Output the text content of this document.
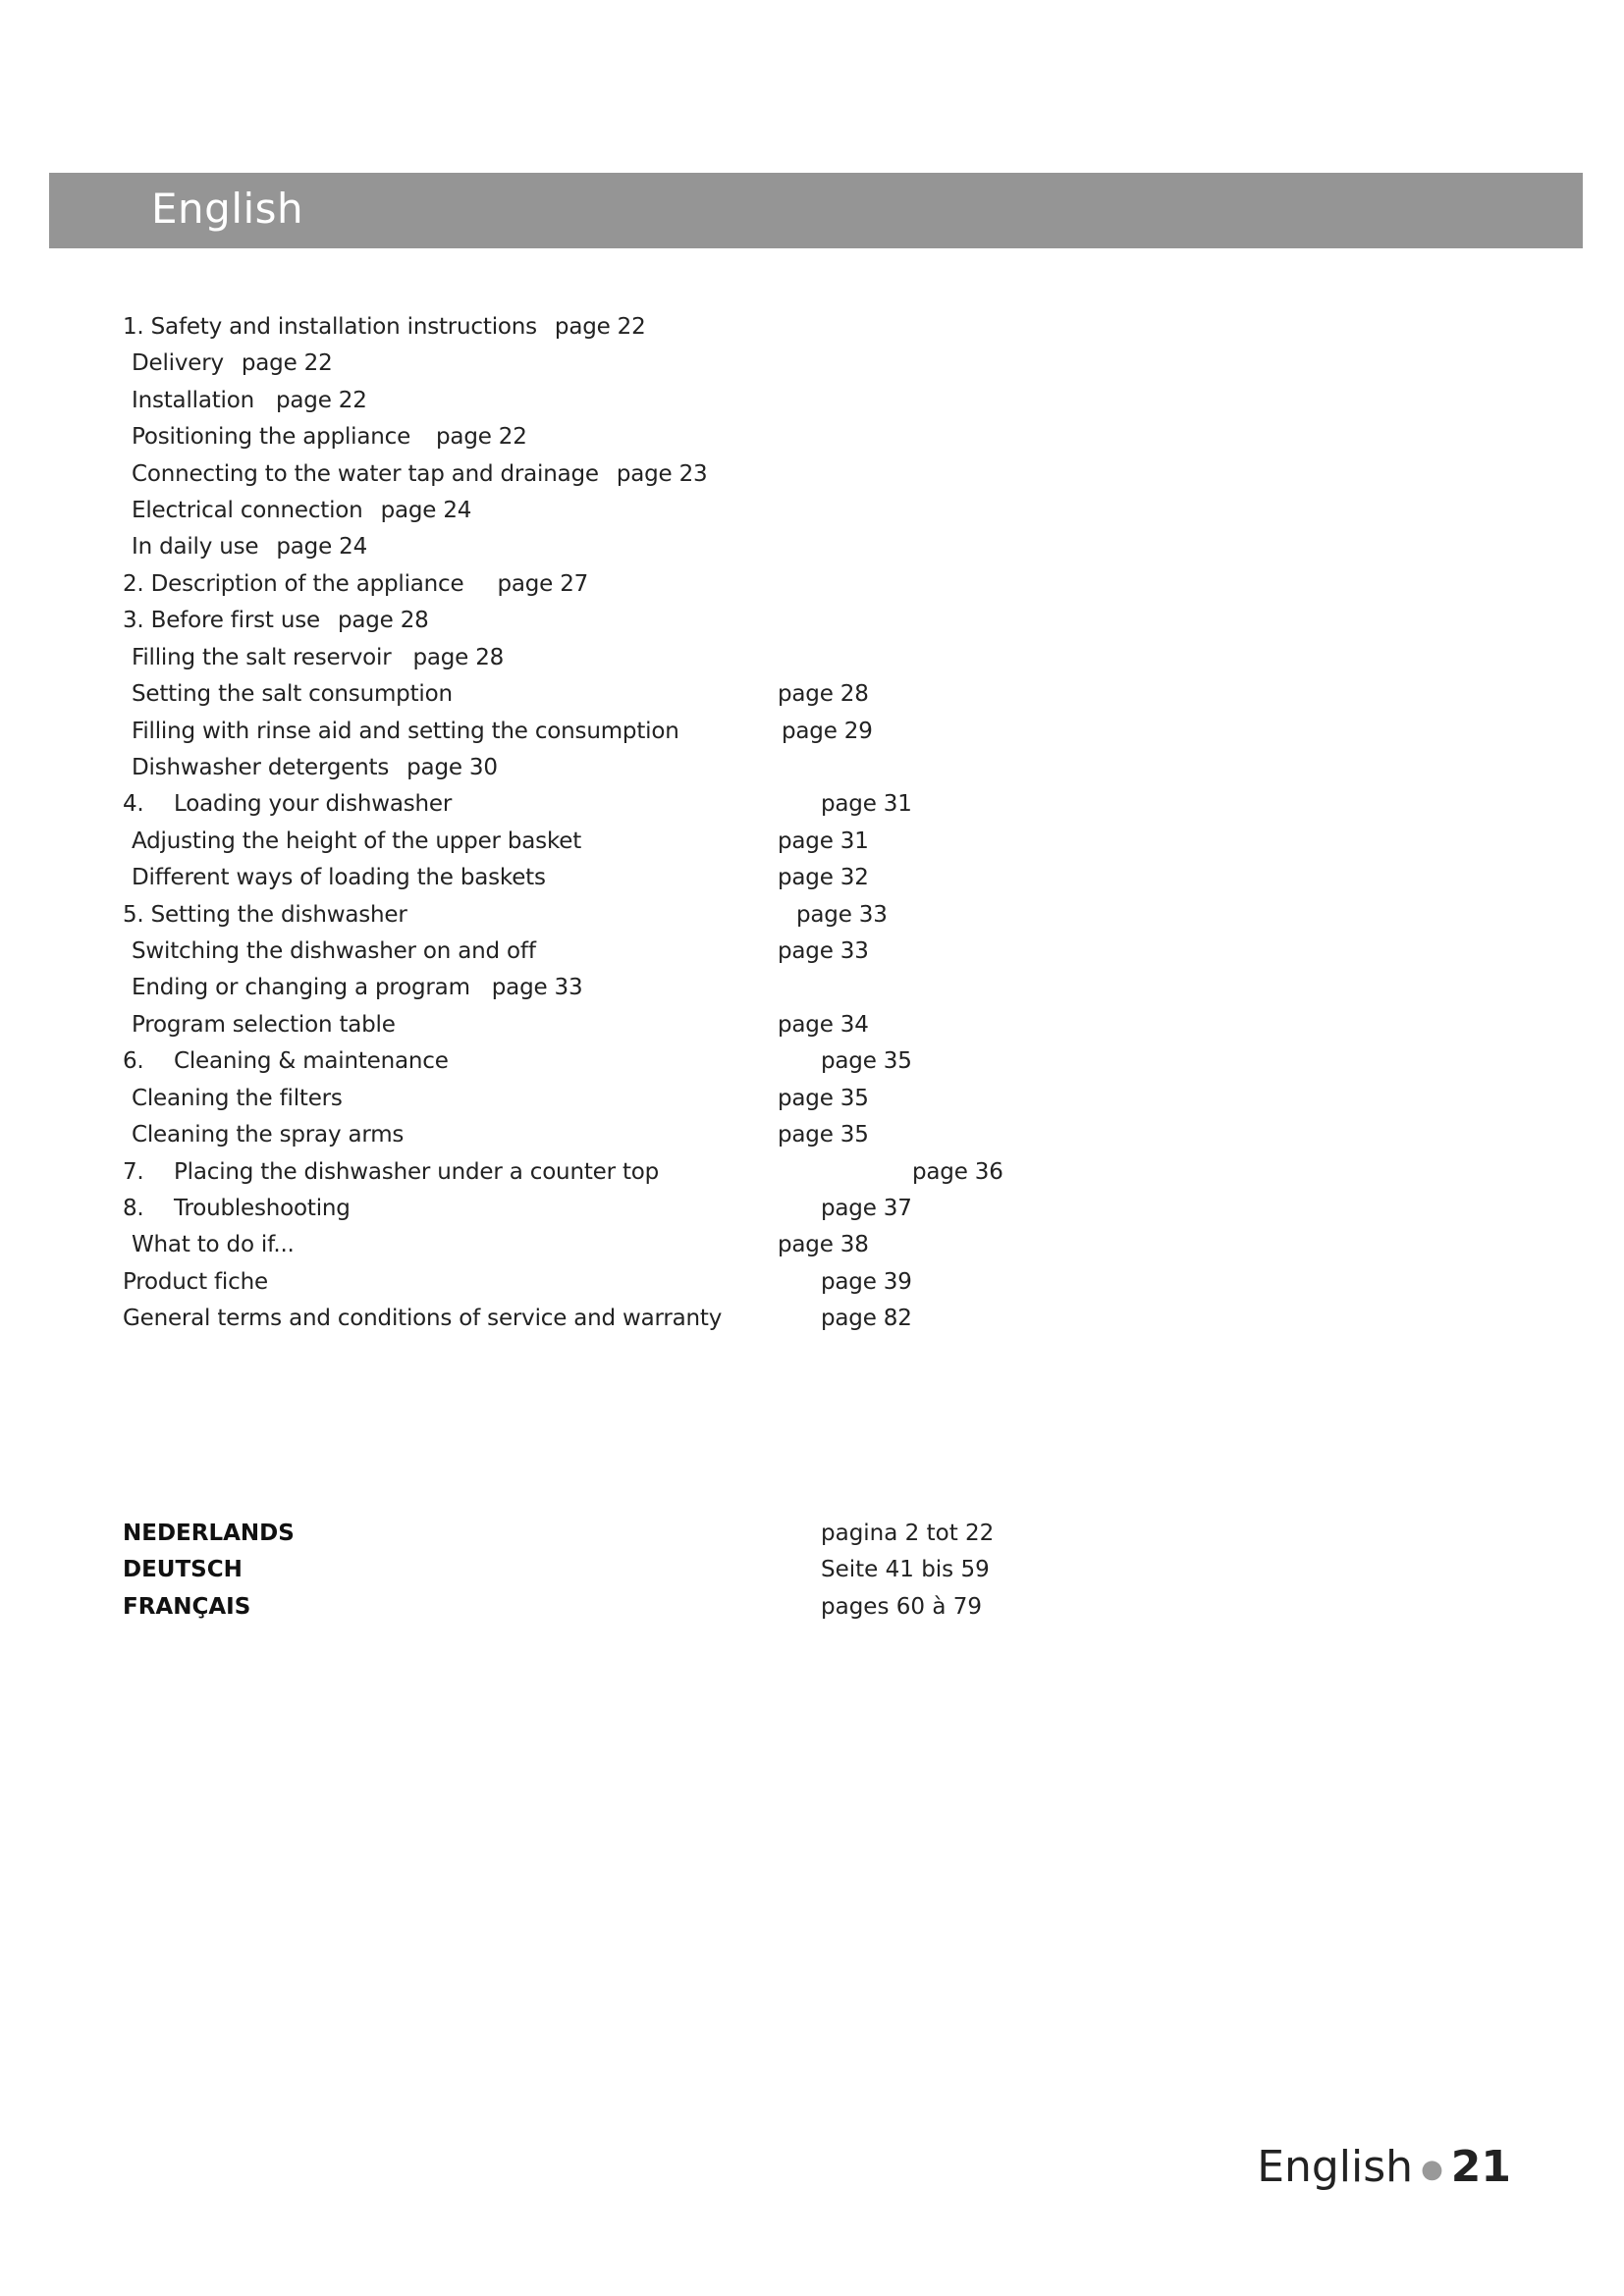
English
1. Safety and installation instructions page 22
Delivery page 22
Installation page 22
Positioning the appliance page 22
Connecting to the water tap and drainage page 23
Electrical connection page 24
In daily use page 24
2. Description of the appliance page 27
3. Before first use page 28
Filling the salt reservoir page 28
Setting the salt consumption	page 28
Filling with rinse aid and setting the consumption	page 29
Dishwasher detergents page 30
4. Loading your dishwasher	page 31
Adjusting the height of the upper basket	page 31
Different ways of loading the baskets	page 32
5. Setting the dishwasher	page 33
Switching the dishwasher on and off	page 33
Ending or changing a program page 33
Program selection table	page 34
6. Cleaning & maintenance	page 35
Cleaning the filters	page 35
Cleaning the spray arms	page 35
7. Placing the dishwasher under a counter top	page 36
8. Troubleshooting	page 37
What to do if...	page 38
Product fiche	page 39
General terms and conditions of service and warranty	page 82
NEDERLANDS	pagina 2 tot 22
DEUTSCH	Seite 41 bis 59
FRANÇAIS	pages 60 à 79
English ● 21
